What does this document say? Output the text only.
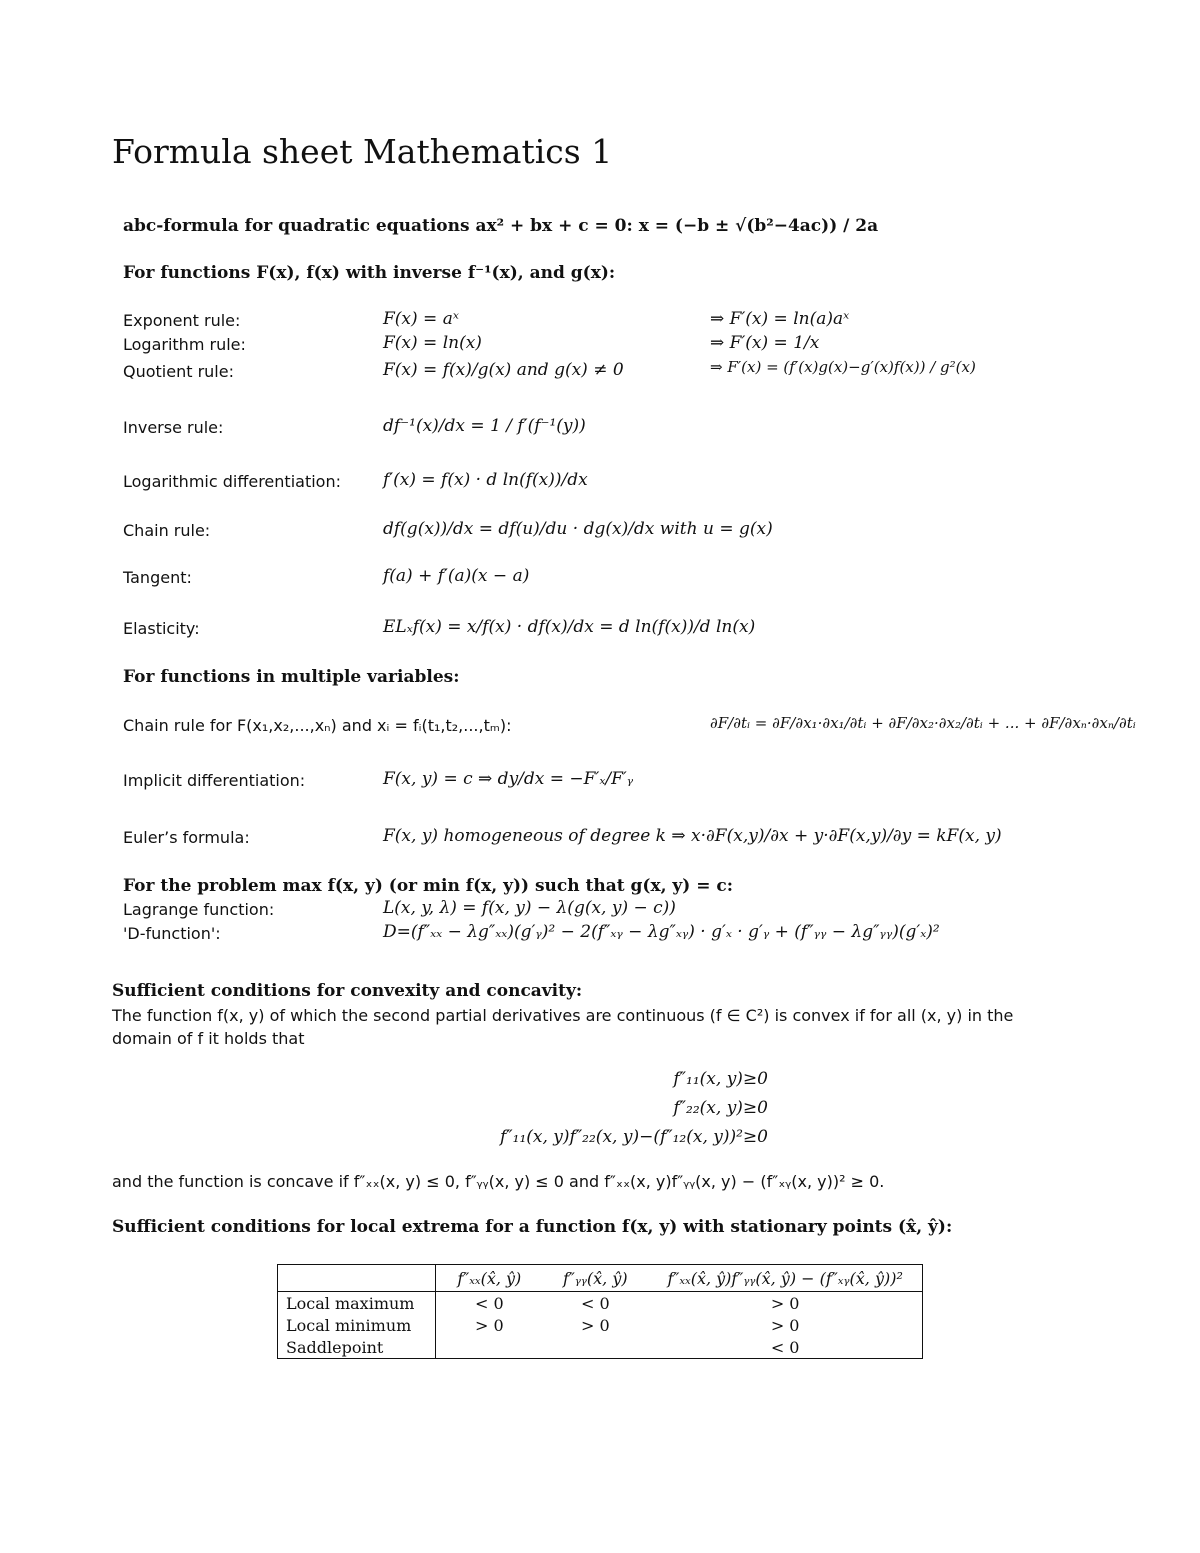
Formula sheet Mathematics 1
abc-formula for quadratic equations ax² + bx + c = 0: x = (−b ± √(b²−4ac)) / 2a
For functions F(x), f(x) with inverse f⁻¹(x), and g(x):
Exponent rule:	F(x) = aˣ	⇒ F′(x) = ln(a)aˣ
Logarithm rule:	F(x) = ln(x)	⇒ F′(x) = 1/x
Quotient rule:	F(x) = f(x)/g(x) and g(x) ≠ 0	⇒ F′(x) = (f′(x)g(x)−g′(x)f(x)) / g²(x)
Inverse rule:	df⁻¹(x)/dx = 1 / f′(f⁻¹(y))
Logarithmic differentiation: f′(x) = f(x) · d ln(f(x))/dx
Chain rule:	df(g(x))/dx = df(u)/du · dg(x)/dx with u = g(x)
Tangent:	f(a) + f′(a)(x − a)
Elasticity:	ELₓf(x) = x/f(x) · df(x)/dx = d ln(f(x))/d ln(x)
For functions in multiple variables:
Chain rule for F(x₁,x₂,...,xₙ) and xᵢ = fᵢ(t₁,t₂,...,tₘ):	∂F/∂tᵢ = ∂F/∂x₁·∂x₁/∂tᵢ + ∂F/∂x₂·∂x₂/∂tᵢ + ... + ∂F/∂xₙ·∂xₙ/∂tᵢ
Implicit differentiation:	F(x, y) = c ⇒ dy/dx = −F′ₓ/F′ᵧ
Euler’s formula:	F(x, y) homogeneous of degree k ⇒ x·∂F(x,y)/∂x + y·∂F(x,y)/∂y = kF(x, y)
For the problem max f(x, y) (or min f(x, y)) such that g(x, y) = c:
Lagrange function:	L(x, y, λ) = f(x, y) − λ(g(x, y) − c))
'D-function':	D=(f″ₓₓ − λg″ₓₓ)(g′ᵧ)² − 2(f″ₓᵧ − λg″ₓᵧ) · g′ₓ · g′ᵧ + (f″ᵧᵧ − λg″ᵧᵧ)(g′ₓ)²
Sufficient conditions for convexity and concavity:
The function f(x, y) of which the second partial derivatives are continuous (f ∈ C²) is convex if for all (x, y) in the
domain of f it holds that
f″₁₁(x, y)≥0
f″₂₂(x, y)≥0
f″₁₁(x, y)f″₂₂(x, y)−(f″₁₂(x, y))²≥0
and the function is concave if f″ₓₓ(x, y) ≤ 0, f″ᵧᵧ(x, y) ≤ 0 and f″ₓₓ(x, y)f″ᵧᵧ(x, y) − (f″ₓᵧ(x, y))² ≥ 0.
Sufficient conditions for local extrema for a function f(x, y) with stationary points (x̂, ŷ):
	f″ₓₓ(x̂, ŷ)	f″ᵧᵧ(x̂, ŷ)	f″ₓₓ(x̂, ŷ)f″ᵧᵧ(x̂, ŷ) − (f″ₓᵧ(x̂, ŷ))²
Local maximum	< 0	< 0	> 0
Local minimum	> 0	> 0	> 0
Saddlepoint			< 0
